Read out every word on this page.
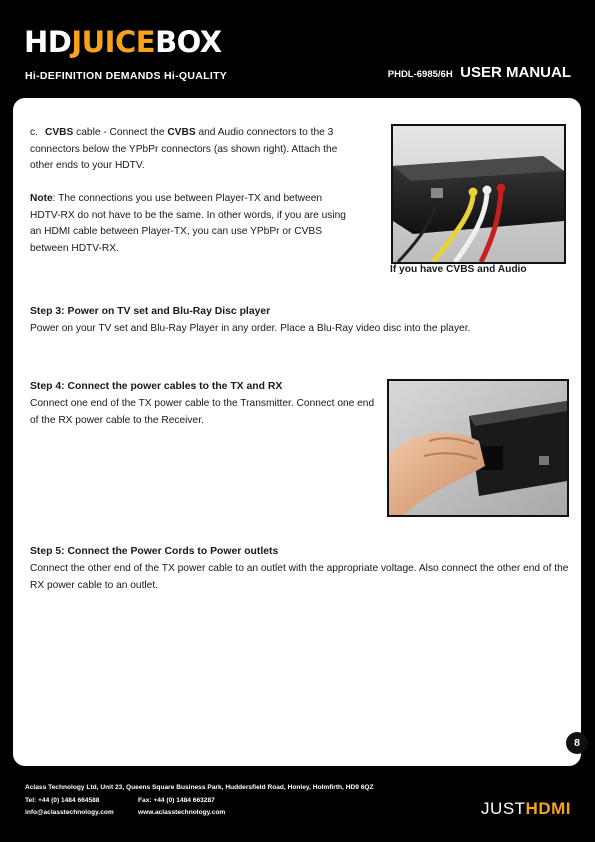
HDJUICEBOX
Hi-DEFINITION DEMANDS Hi-QUALITY	PHDL-6985/6H USER MANUAL
c. CVBS cable - Connect the CVBS and Audio connectors to the 3 connectors below the YPbPr connectors (as shown right). Attach the other ends to your HDTV.
Note: The connections you use between Player-TX and between HDTV-RX do not have to be the same. In other words, if you are using an HDMI cable between Player-TX, you can use YPbPr or CVBS between HDTV-RX.
If you have CVBS and Audio
Step 3: Power on TV set and Blu-Ray Disc player
Power on your TV set and Blu-Ray Player in any order. Place a Blu-Ray video disc into the player.
Step 4: Connect the power cables to the TX and RX
Connect one end of the TX power cable to the Transmitter. Connect one end of the RX power cable to the Receiver.
Step 5: Connect the Power Cords to Power outlets
Connect the other end of the TX power cable to an outlet with the appropriate voltage. Also connect the other end of the RX power cable to an outlet.
8
Aclass Technology Ltd, Unit 23, Queens Square Business Park, Huddersfield Road, Honley, Holmfirth, HD9 6QZ
Tel: +44 (0) 1484 664588	Fax: +44 (0) 1484 663287
info@aclasstechnology.com	www.aclasstechnology.com	JUSTHDMI
